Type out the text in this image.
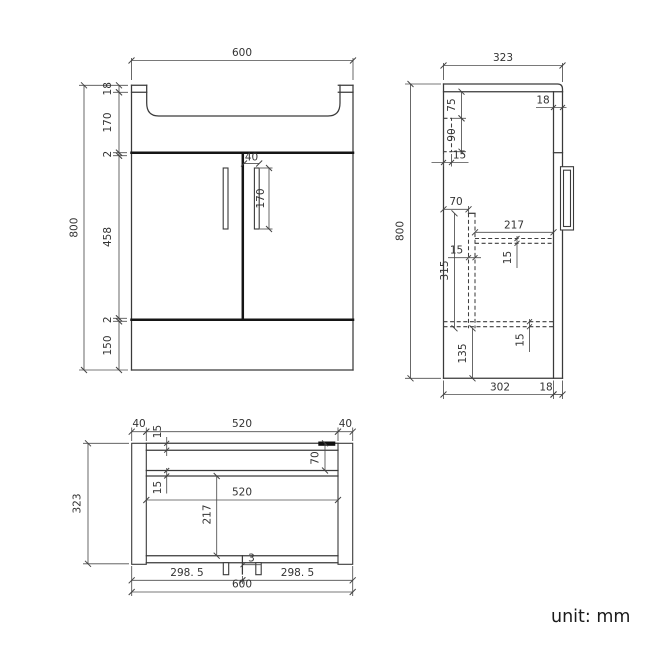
600
18
170
2
458
2
150
800
40
170
323
800
75
90
15
70
315
15
217
15
15
135
18
302	18
40	520	40
15
70
15	520
217
323
3
298. 5	298. 5
600
unit: mm
